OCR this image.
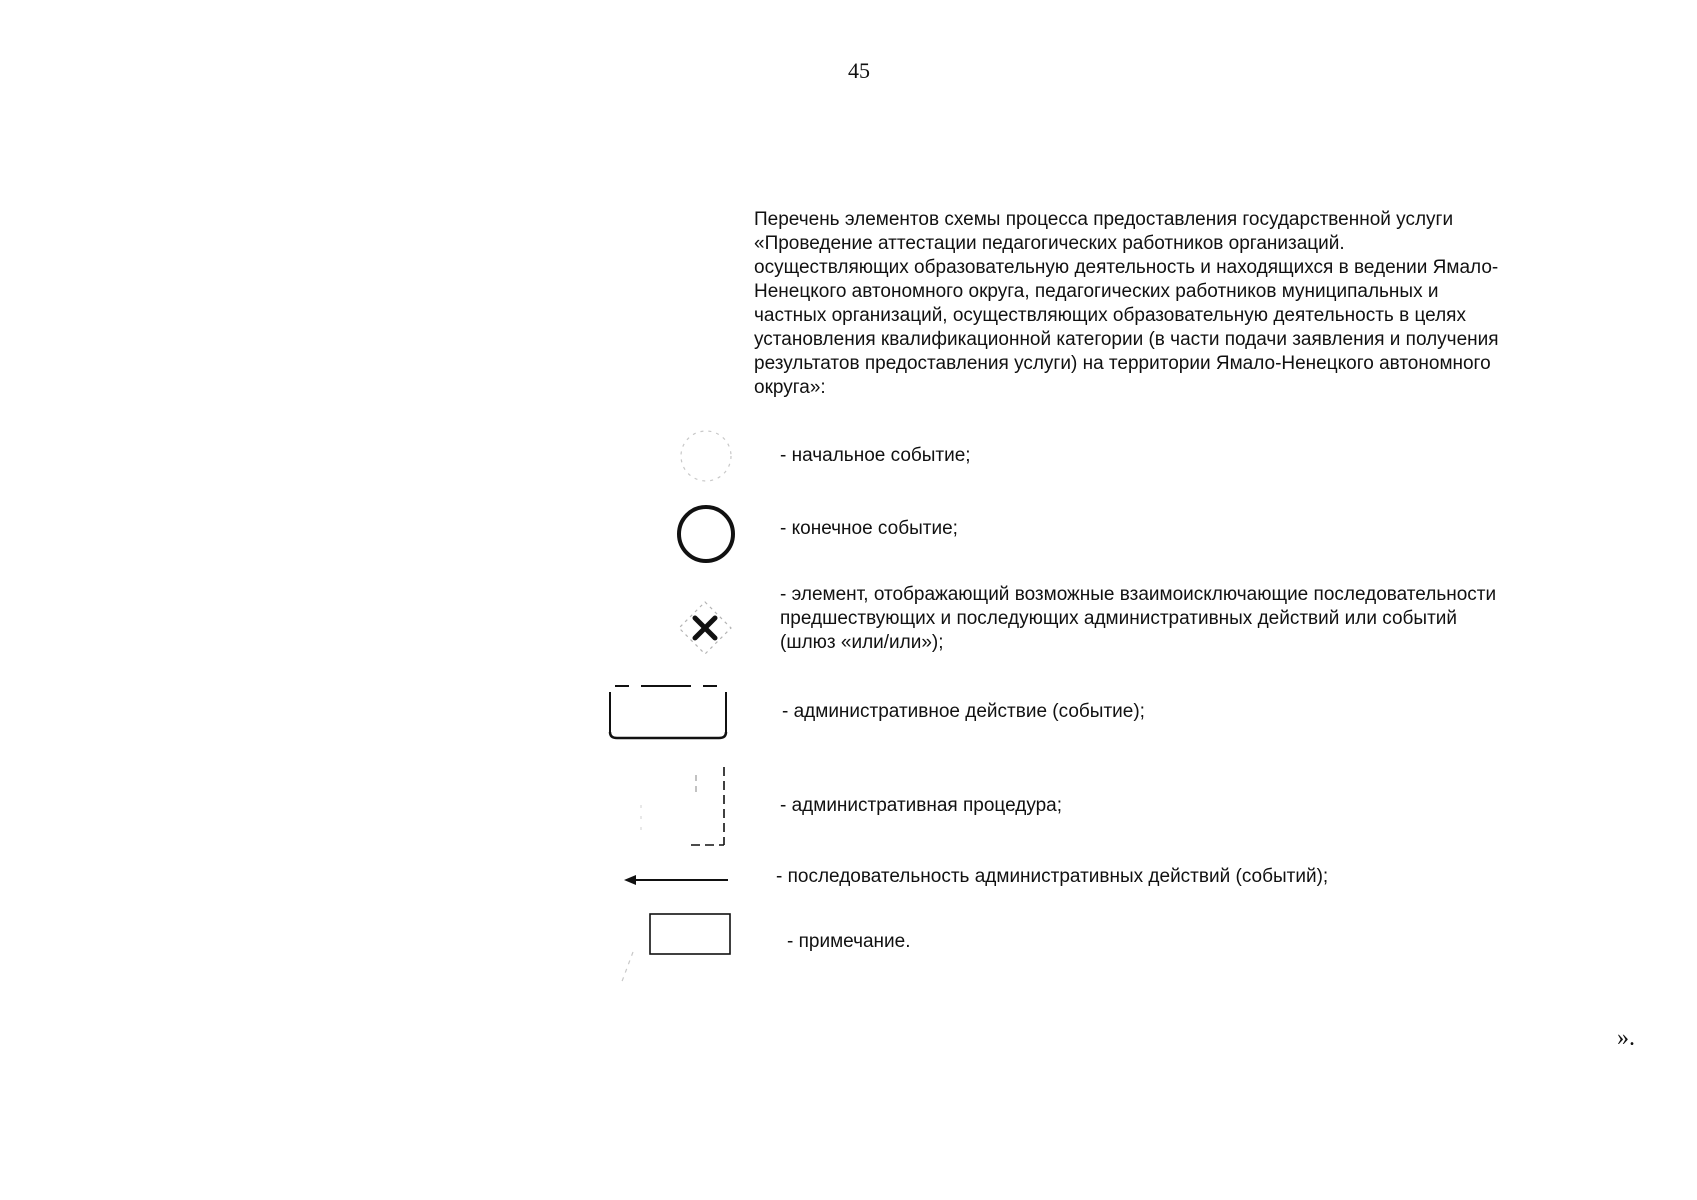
45
Перечень элементов схемы процесса предоставления государственной услуги
«Проведение аттестации педагогических работников организаций.
осуществляющих образовательную деятельность и находящихся в ведении Ямало-
Ненецкого автономного округа, педагогических работников муниципальных и
частных организаций, осуществляющих образовательную деятельность в целях
установления квалификационной категории (в части подачи заявления и получения
результатов предоставления услуги) на территории Ямало-Ненецкого автономного
округа»:
- начальное событие;
- конечное событие;
- элемент, отображающий возможные взаимоисключающие последовательности
предшествующих и последующих административных действий или событий
(шлюз «или/или»);
- административное действие (событие);
- административная процедура;
- последовательность административных действий (событий);
- примечание.
».
